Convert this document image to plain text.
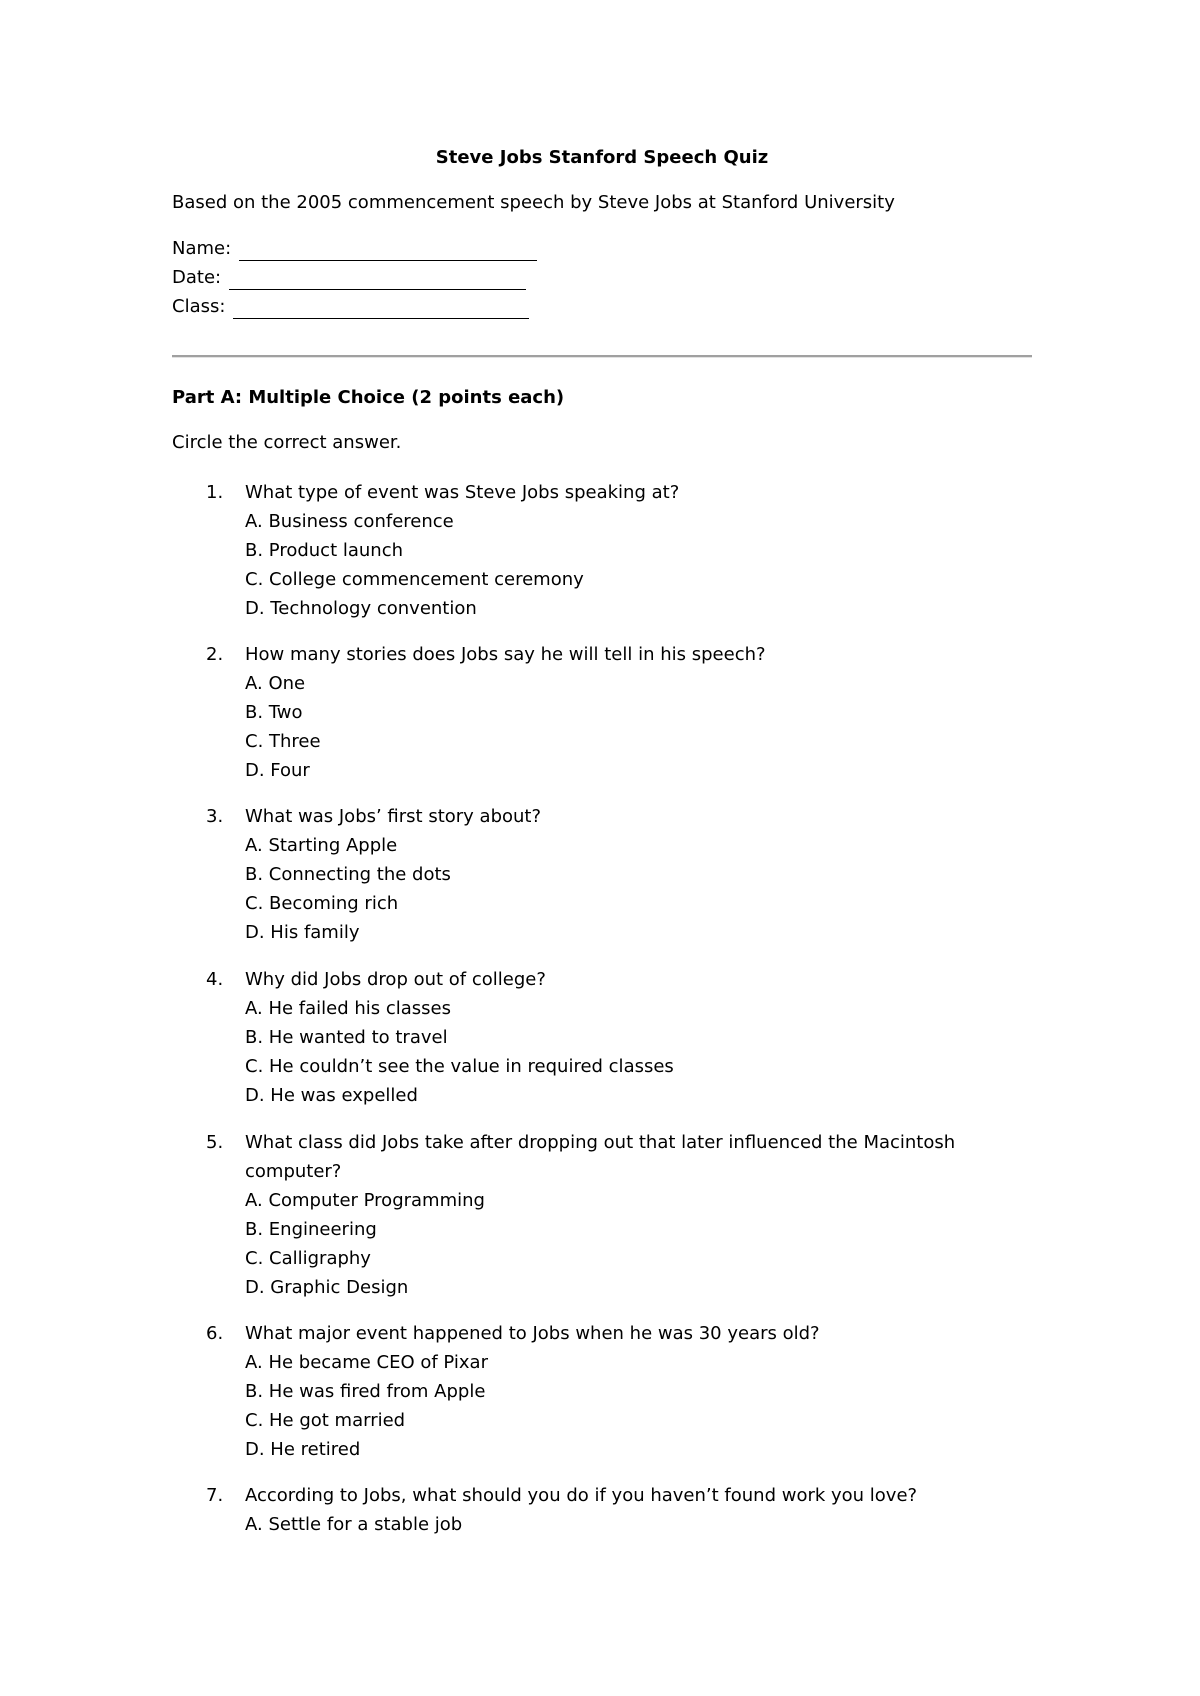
Steve Jobs Stanford Speech Quiz
Based on the 2005 commencement speech by Steve Jobs at Stanford University
Name:
Date:
Class:
Part A: Multiple Choice (2 points each)
Circle the correct answer.
1. What type of event was Steve Jobs speaking at?
A. Business conference
B. Product launch
C. College commencement ceremony
D. Technology convention
2. How many stories does Jobs say he will tell in his speech?
A. One
B. Two
C. Three
D. Four
3. What was Jobs’ first story about?
A. Starting Apple
B. Connecting the dots
C. Becoming rich
D. His family
4. Why did Jobs drop out of college?
A. He failed his classes
B. He wanted to travel
C. He couldn’t see the value in required classes
D. He was expelled
5. What class did Jobs take after dropping out that later influenced the Macintosh
computer?
A. Computer Programming
B. Engineering
C. Calligraphy
D. Graphic Design
6. What major event happened to Jobs when he was 30 years old?
A. He became CEO of Pixar
B. He was fired from Apple
C. He got married
D. He retired
7. According to Jobs, what should you do if you haven’t found work you love?
A. Settle for a stable job
